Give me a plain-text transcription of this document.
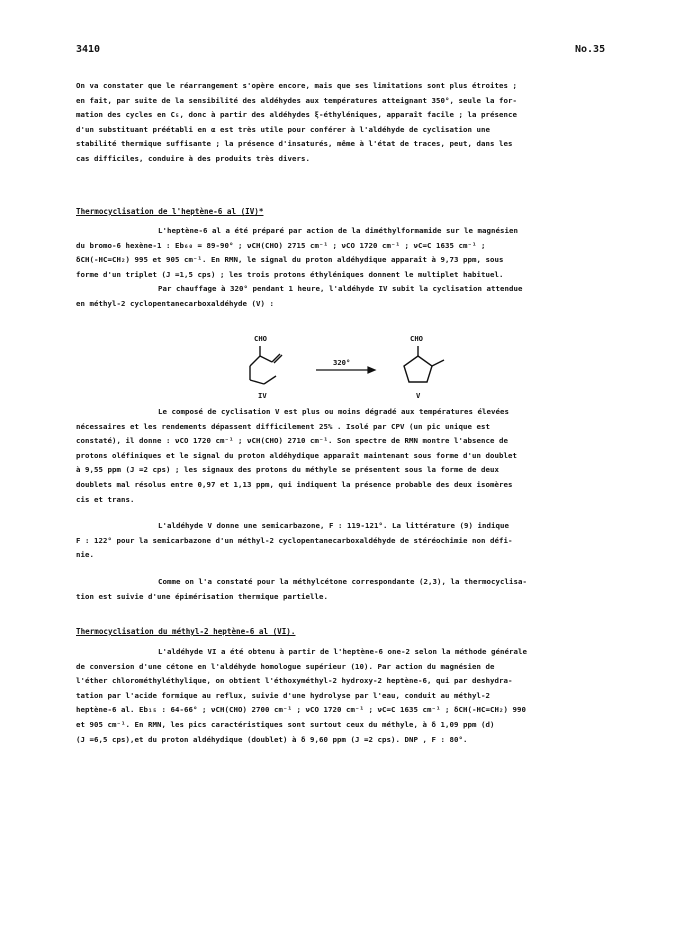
3410	No.35
On va constater que le réarrangement s'opère encore, mais que ses limitations sont plus étroites ;
en fait, par suite de la sensibilité des aldéhydes aux températures atteignant 350°, seule la for-
mation des cycles en C₅, donc à partir des aldéhydes ξ-éthyléniques, apparaît facile ; la présence
d'un substituant préétabli en α est très utile pour conférer à l'aldéhyde de cyclisation une
stabilité thermique suffisante ; la présence d'insaturés, même à l'état de traces, peut, dans les
cas difficiles, conduire à des produits très divers.
Thermocyclisation de l'heptène-6 al (IV)*
L'heptène-6 al a été préparé par action de la diméthylformamide sur le magnésien
du bromo-6 hexène-1 : Eb₆₀ = 89-90° ; νCH(CHO) 2715 cm⁻¹ ; νCO 1720 cm⁻¹ ; νC=C 1635 cm⁻¹ ;
δCH(-HC=CH₂) 995 et 905 cm⁻¹. En RMN, le signal du proton aldéhydique apparaît à 9,73 ppm, sous
forme d'un triplet (J =1,5 cps) ; les trois protons éthyléniques donnent le multiplet habituel.
Par chauffage à 320° pendant 1 heure, l'aldéhyde IV subit la cyclisation attendue
en méthyl-2 cyclopentanecarboxaldéhyde (V) :
CHO	CHO
320°
IV	V
Le composé de cyclisation V est plus ou moins dégradé aux températures élevées
nécessaires et les rendements dépassent difficilement 25% . Isolé par CPV (un pic unique est
constaté), il donne : νCO 1720 cm⁻¹ ; νCH(CHO) 2710 cm⁻¹. Son spectre de RMN montre l'absence de
protons oléfiniques et le signal du proton aldéhydique apparaît maintenant sous forme d'un doublet
à 9,55 ppm (J =2 cps) ; les signaux des protons du méthyle se présentent sous la forme de deux
doublets mal résolus entre 0,97 et 1,13 ppm, qui indiquent la présence probable des deux isomères
cis et trans.
L'aldéhyde V donne une semicarbazone, F : 119-121°. La littérature (9) indique
F : 122° pour la semicarbazone d'un méthyl-2 cyclopentanecarboxaldéhyde de stéréochimie non défi-
nie.
Comme on l'a constaté pour la méthylcétone correspondante (2,3), la thermocyclisa-
tion est suivie d'une épimérisation thermique partielle.
Thermocyclisation du méthyl-2 heptène-6 al (VI).
L'aldéhyde VI a été obtenu à partir de l'heptène-6 one-2 selon la méthode générale
de conversion d'une cétone en l'aldéhyde homologue supérieur (10). Par action du magnésien de
l'éther chlorométhyléthylique, on obtient l'éthoxyméthyl-2 hydroxy-2 heptène-6, qui par deshydra-
tation par l'acide formique au reflux, suivie d'une hydrolyse par l'eau, conduit au méthyl-2
heptène-6 al. Eb₁₅ : 64-66° ; νCH(CHO) 2700 cm⁻¹ ; νCO 1720 cm⁻¹ ; νC=C 1635 cm⁻¹ ; δCH(-HC=CH₂) 990
et 905 cm⁻¹. En RMN, les pics caractéristiques sont surtout ceux du méthyle, à δ 1,09 ppm (d)
(J =6,5 cps),et du proton aldéhydique (doublet) à δ 9,60 ppm (J =2 cps). DNP , F : 80°.
